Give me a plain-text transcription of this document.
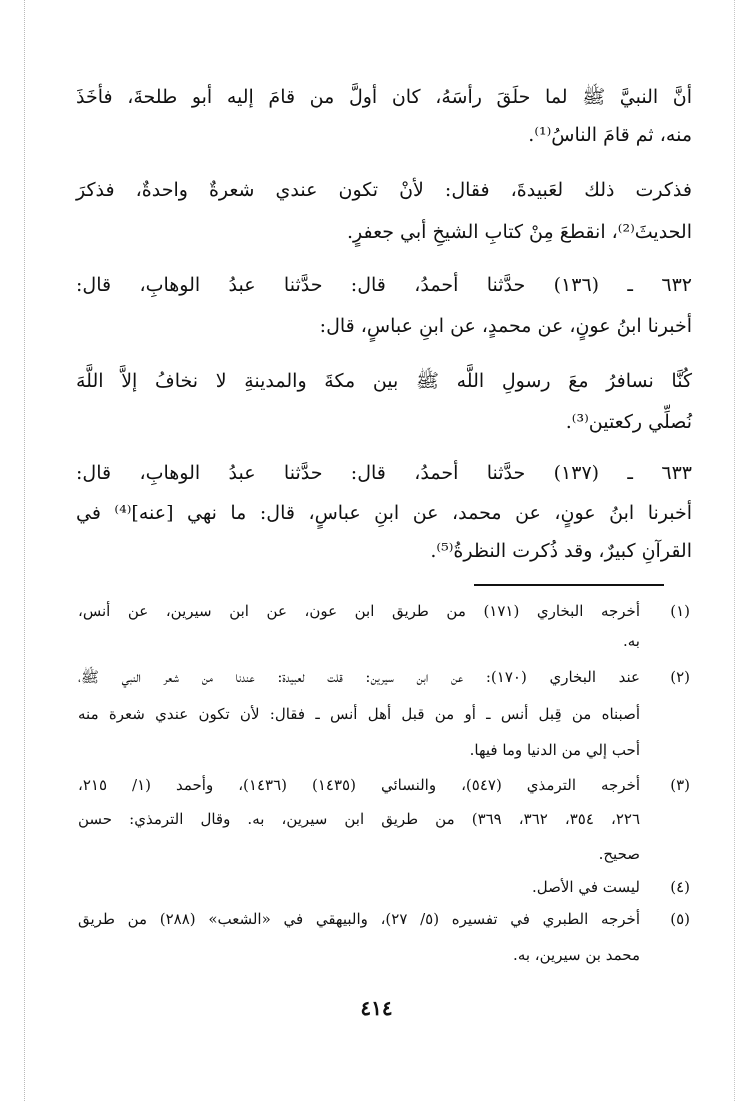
أنَّ النبيَّ ﷺ لما حلَقَ رأسَهُ، كان أولَّ من قامَ إليه أبو طلحةَ، فأخَذَ
منه، ثم قامَ الناسُ⁽¹⁾.
فذكرت ذلك لعَبيدةَ، فقال: لأنْ تكون عندي شعرةٌ واحدةٌ، فذكرَ
الحديثَ⁽²⁾، انقطعَ مِنْ كتابِ الشيخِ أبي جعفرٍ.
٦٣٢ ـ (١٣٦) حدَّثنا أحمدُ، قال: حدَّثنا عبدُ الوهابِ، قال:
أخبرنا ابنُ عونٍ، عن محمدٍ، عن ابنِ عباسٍ، قال:
كُنَّا نسافرُ معَ رسولِ اللَّه ﷺ بين مكةَ والمدينةِ لا نخافُ إلاَّ اللَّهَ
نُصلِّي ركعتين⁽³⁾.
٦٣٣ ـ (١٣٧) حدَّثنا أحمدُ، قال: حدَّثنا عبدُ الوهابِ، قال:
أخبرنا ابنُ عونٍ، عن محمد، عن ابنِ عباسٍ، قال: ما نهي [عنه]⁽⁴⁾ في
القرآنِ كبيرٌ، وقد ذُكرت النظرةُ⁽⁵⁾.
(١)
أخرجه البخاري (١٧١) من طريق ابن عون، عن ابن سيرين، عن أنس،
به.
(٢)
عند البخاري (١٧٠): عن ابن سيرين: قلت لعبيدة: عندنا من شعر النبي ﷺ،
أصبناه من قِبل أنس ـ أو من قبل أهل أنس ـ فقال: لأن تكون عندي شعرة منه
أحب إلي من الدنيا وما فيها.
(٣)
أخرجه الترمذي (٥٤٧)، والنسائي (١٤٣٥) (١٤٣٦)، وأحمد (١/ ٢١٥،
٢٢٦، ٣٥٤، ٣٦٢، ٣٦٩) من طريق ابن سيرين، به. وقال الترمذي: حسن
صحيح.
(٤)
ليست في الأصل.
(٥)
أخرجه الطبري في تفسيره (٥/ ٢٧)، والبيهقي في «الشعب» (٢٨٨) من طريق
محمد بن سيرين، به.
٤١٤
